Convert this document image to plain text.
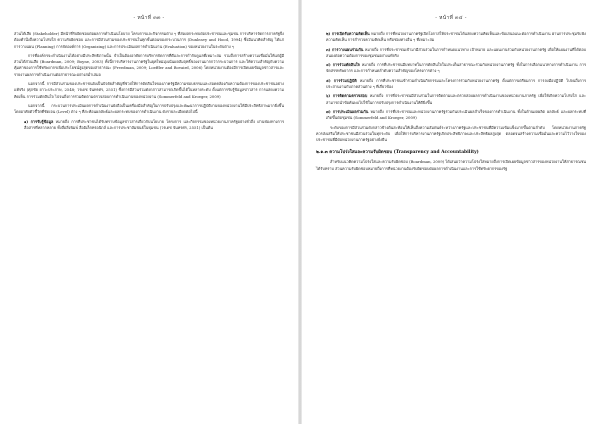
- หน้าที่ ๓๓ -

ส่วนได้เสีย (Stakeholder) มีหน้าที่รับผิดชอบต่อผลการดำเนินนโยบาย โครงการและกิจกรรมต่าง ๆ ที่ส่งผลกระทบต่อประชาชนและชุมชน การบริหารจัดการภาครัฐจึงต้องคำนึงถึงความโปร่งใส ความรับผิดชอบ และการมีส่วนร่วมของประชาชนในทุกขั้นตอนของกระบวนการ (Dunleavy and Hood, 1994) ซึ่งมีแนวคิดสำคัญ ได้แก่ การวางแผน (Planning) การจัดองค์การ (Organizing) และการประเมินผลการดำเนินงาน (Evaluation) ของหน่วยงานในระดับต่าง ๆ

การที่องค์กรจะดำเนินงานได้อย่างมีประสิทธิภาพนั้น จำเป็นต้องอาศัยการบริหารจัดการที่ดีและการกำกับดูแลที่เหมาะสม รวมถึงการสร้างความเชื่อมั่นให้แก่ผู้มีส่วนได้ส่วนเสีย (Boardman, 2009; Boyne, 2003) ทั้งนี้การบริหารงานภาครัฐในยุคใหม่มุ่งเน้นผลสัมฤทธิ์ของงานมากกว่ากระบวนการ และให้ความสำคัญกับความคุ้มค่าของการใช้ทรัพยากรเพื่อประโยชน์สูงสุดของสาธารณะ (Freedman, 2009; Loeffler and Bovaird, 2006) โดยหน่วยงานต้องมีการเปิดเผยข้อมูลข่าวสารและรายงานผลการดำเนินงานต่อสาธารณะอย่างสม่ำเสมอ

นอกจากนี้ การมีส่วนร่วมของประชาชนยังเป็นปัจจัยสำคัญที่ช่วยให้การตัดสินใจของภาครัฐมีความชอบธรรมและสอดคล้องกับความต้องการของประชาชนอย่างแท้จริง (ศุภชัย ยาวะประภาษ, 2548; วรเดช จันทรศร, 2551) ซึ่งการมีส่วนร่วมดังกล่าวสามารถเกิดขึ้นได้ในหลายระดับ ตั้งแต่การรับรู้ข้อมูลข่าวสาร การแสดงความคิดเห็น การร่วมตัดสินใจ ไปจนถึงการร่วมติดตามตรวจสอบการดำเนินงานของหน่วยงาน (Sommerfeld and Kroeger, 2009)

นอกจากนี้ กระบวนการประเมินผลการดำเนินงานยังถือเป็นเครื่องมือสำคัญในการปรับปรุงและพัฒนาการปฏิบัติงานของหน่วยงานให้มีประสิทธิภาพมากยิ่งขึ้น โดยอาศัยตัวชี้วัดที่ชัดเจน (Level) ต่าง ๆ ที่สะท้อนผลลัพธ์และผลกระทบของการดำเนินงาน ดังรายละเอียดต่อไปนี้

๑) การรับรู้ข้อมูล หมายถึง การที่ประชาชนได้รับทราบข้อมูลข่าวสารเกี่ยวกับนโยบาย โครงการ และกิจกรรมของหน่วยงานภาครัฐอย่างทั่วถึง ผ่านช่องทางการสื่อสารที่หลากหลาย ทั้งสื่อสิ่งพิมพ์ สื่ออิเล็กทรอนิกส์ และการประชาสัมพันธ์ในชุมชน (วรเดช จันทรศร, 2551) เป็นต้น

- หน้าที่ ๓๔ -

๒) การเปิดรับความคิดเห็น หมายถึง การที่หน่วยงานภาครัฐเปิดโอกาสให้ประชาชนได้แสดงความคิดเห็นและข้อเสนอแนะต่อการดำเนินงาน ผ่านการประชุมรับฟังความคิดเห็น การสำรวจความคิดเห็น หรือช่องทางอื่น ๆ ที่เหมาะสม

๓) การวางแผนร่วมกัน หมายถึง การที่ประชาชนเข้ามามีส่วนร่วมในการกำหนดแนวทาง เป้าหมาย และแผนงานร่วมกับหน่วยงานภาครัฐ เพื่อให้แผนงานที่ได้ตอบสนองต่อความต้องการของชุมชนอย่างแท้จริง

๔) การร่วมตัดสินใจ หมายถึง การที่ประชาชนมีบทบาทในการตัดสินใจในประเด็นสาธารณะร่วมกับหน่วยงานภาครัฐ ทั้งในการเลือกแนวทางการดำเนินงาน การจัดสรรทรัพยากร และการกำหนดลำดับความสำคัญของโครงการต่าง ๆ

๕) การร่วมปฏิบัติ หมายถึง การที่ประชาชนเข้าร่วมดำเนินกิจกรรมและโครงการร่วมกับหน่วยงานภาครัฐ ตั้งแต่การเตรียมการ การลงมือปฏิบัติ ไปจนถึงการประสานงานกับภาคส่วนต่าง ๆ ที่เกี่ยวข้อง

๖) การติดตามตรวจสอบ หมายถึง การที่ประชาชนมีส่วนร่วมในการติดตามและตรวจสอบผลการดำเนินงานของหน่วยงานภาครัฐ เพื่อให้เกิดความโปร่งใส และสามารถนำข้อค้นพบไปใช้ในการปรับปรุงการดำเนินงานให้ดียิ่งขึ้น

๗) การประเมินผลร่วมกัน หมายถึง การที่ประชาชนและหน่วยงานภาครัฐร่วมกันประเมินผลสำเร็จของการดำเนินงาน ทั้งในด้านผลผลิต ผลลัพธ์ และผลกระทบที่เกิดขึ้นต่อชุมชน (Sommerfeld and Kroeger, 2009)

ระดับของการมีส่วนร่วมดังกล่าวข้างต้นสะท้อนให้เห็นถึงความสัมพันธ์ระหว่างภาครัฐและประชาชนที่มีความเข้มแข็งมากขึ้นตามลำดับ โดยหน่วยงานภาครัฐควรส่งเสริมให้ประชาชนมีส่วนร่วมในทุกระดับ เพื่อให้การบริหารงานภาครัฐเกิดประสิทธิภาพและประสิทธิผลสูงสุด ตลอดจนสร้างความเชื่อมั่นและความไว้วางใจของประชาชนที่มีต่อหน่วยงานภาครัฐอย่างยั่งยืน

๒.๑.๓ ความโปร่งใสและความรับผิดชอบ (Transparency and Accountability)

สำหรับแนวคิดความโปร่งใสและความรับผิดชอบ (Boardman, 2009) ได้เสนอว่าความโปร่งใสหมายถึงการเปิดเผยข้อมูลข่าวสารของหน่วยงานให้สาธารณชนได้รับทราบ ส่วนความรับผิดชอบหมายถึงการที่หน่วยงานต้องรับผิดชอบต่อผลการดำเนินงานและการใช้ทรัพยากรของรัฐ
